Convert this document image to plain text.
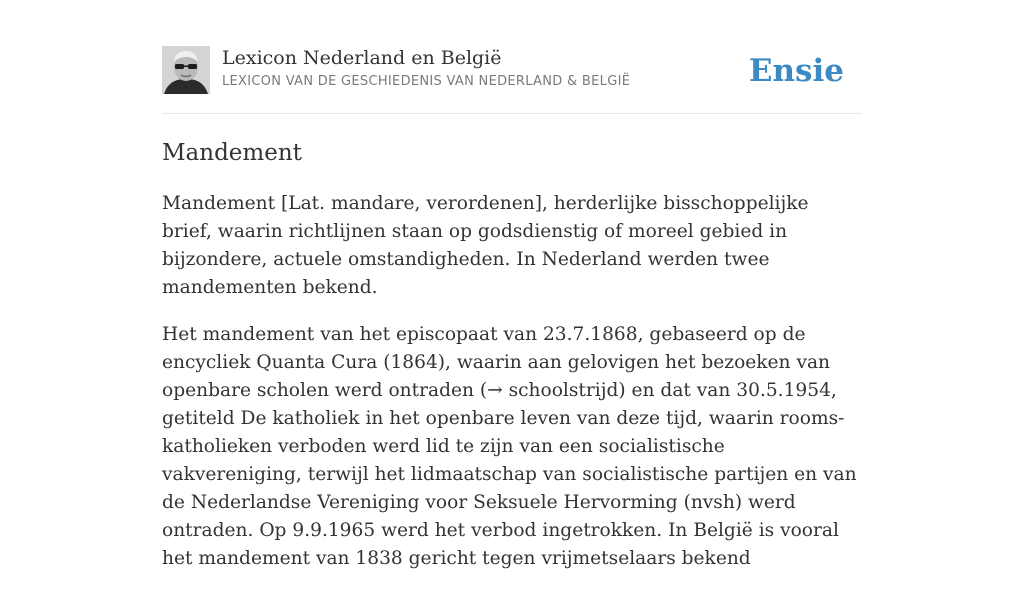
Lexicon Nederland en België
LEXICON VAN DE GESCHIEDENIS VAN NEDERLAND & BELGIË	Ensie
Mandement

Mandement [Lat. mandare, verordenen], herderlijke bisschoppelijke brief, waarin richtlijnen staan op godsdienstig of moreel gebied in bijzondere, actuele omstandigheden. In Nederland werden twee mandementen bekend.

Het mandement van het episcopaat van 23.7.1868, gebaseerd op de encycliek Quanta Cura (1864), waarin aan gelovigen het bezoeken van openbare scholen werd ontraden (→ schoolstrijd) en dat van 30.5.1954, getiteld De katholiek in het openbare leven van deze tijd, waarin rooms-katholieken verboden werd lid te zijn van een socialistische vakvereniging, terwijl het lidmaatschap van socialistische partijen en van de Nederlandse Vereniging voor Seksuele Hervorming (nvsh) werd ontraden. Op 9.9.1965 werd het verbod ingetrokken. In België is vooral het mandement van 1838 gericht tegen vrijmetselaars bekend
